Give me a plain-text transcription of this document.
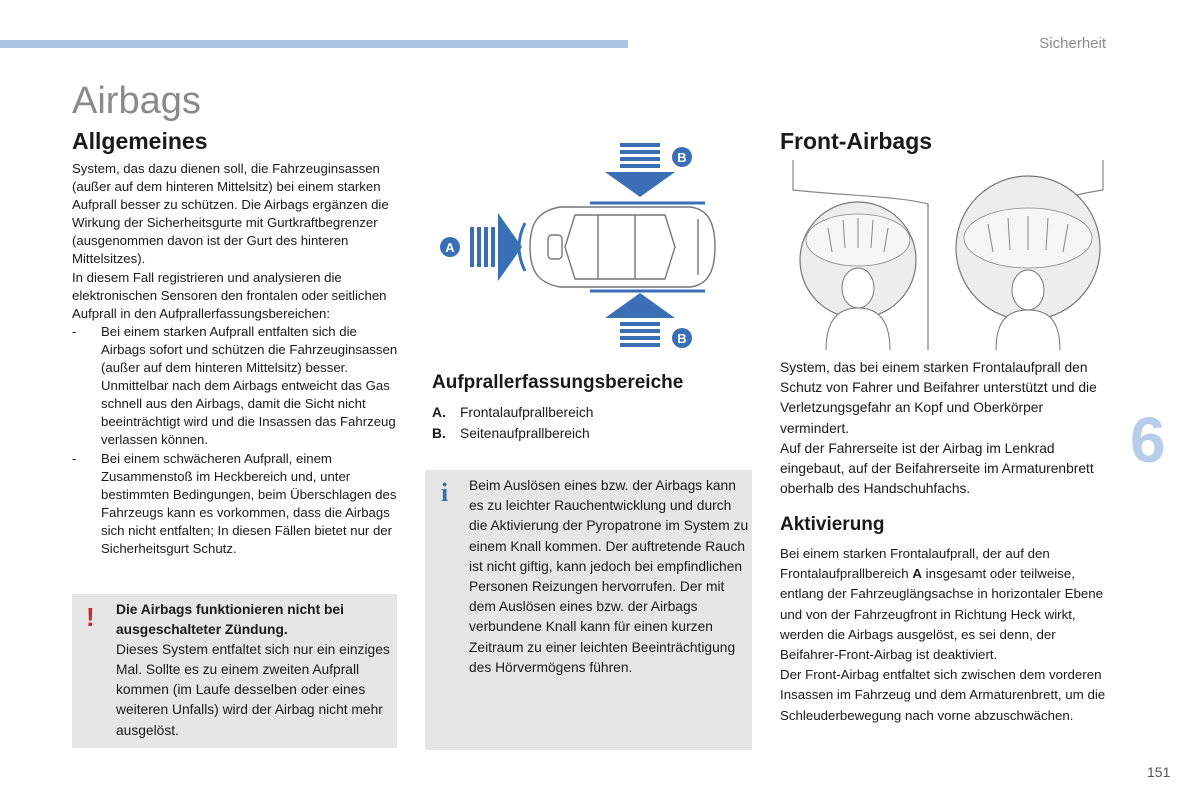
Sicherheit
6
151
Airbags
Allgemeines

System, das dazu dienen soll, die Fahrzeuginsassen (außer auf dem hinteren Mittelsitz) bei einem starken Aufprall besser zu schützen. Die Airbags ergänzen die Wirkung der Sicherheitsgurte mit Gurtkraftbegrenzer (ausgenommen davon ist der Gurt des hinteren Mittelsitzes).

In diesem Fall registrieren und analysieren die elektronischen Sensoren den frontalen oder seitlichen Aufprall in den Aufprallerfassungsbereichen:

-	Bei einem starken Aufprall entfalten sich die Airbags sofort und schützen die Fahrzeuginsassen (außer auf dem hinteren Mittelsitz) besser. Unmittelbar nach dem Airbags entweicht das Gas schnell aus den Airbags, damit die Sicht nicht beeinträchtigt wird und die Insassen das Fahrzeug verlassen können.
-	Bei einem schwächeren Aufprall, einem Zusammenstoß im Heckbereich und, unter bestimmten Bedingungen, beim Überschlagen des Fahrzeugs kann es vorkommen, dass die Airbags sich nicht entfalten; In diesen Fällen bietet nur der Sicherheitsgurt Schutz.
! Die Airbags funktionieren nicht bei ausgeschalteter Zündung.
Dieses System entfaltet sich nur ein einziges Mal. Sollte es zu einem zweiten Aufprall kommen (im Laufe desselben oder eines weiteren Unfalls) wird der Airbag nicht mehr ausgelöst.
B
B
A
Aufprallerfassungsbereiche
A.	Frontalaufprallbereich
B.	Seitenaufprallbereich
i Beim Auslösen eines bzw. der Airbags kann es zu leichter Rauchentwicklung und durch die Aktivierung der Pyropatrone im System zu einem Knall kommen. Der auftretende Rauch ist nicht giftig, kann jedoch bei empfindlichen Personen Reizungen hervorrufen. Der mit dem Auslösen eines bzw. der Airbags verbundene Knall kann für einen kurzen Zeitraum zu einer leichten Beeinträchtigung des Hörvermögens führen.
Front-Airbags

System, das bei einem starken Frontalaufprall den Schutz von Fahrer und Beifahrer unterstützt und die Verletzungsgefahr an Kopf und Oberkörper vermindert.

Auf der Fahrerseite ist der Airbag im Lenkrad eingebaut, auf der Beifahrerseite im Armaturenbrett oberhalb des Handschuhfachs.

Aktivierung

Bei einem starken Frontalaufprall, der auf den Frontalaufprallbereich A insgesamt oder teilweise, entlang der Fahrzeuglängsachse in horizontaler Ebene und von der Fahrzeugfront in Richtung Heck wirkt, werden die Airbags ausgelöst, es sei denn, der Beifahrer-Front-Airbag ist deaktiviert.

Der Front-Airbag entfaltet sich zwischen dem vorderen Insassen im Fahrzeug und dem Armaturenbrett, um die Schleuderbewegung nach vorne abzuschwächen.
